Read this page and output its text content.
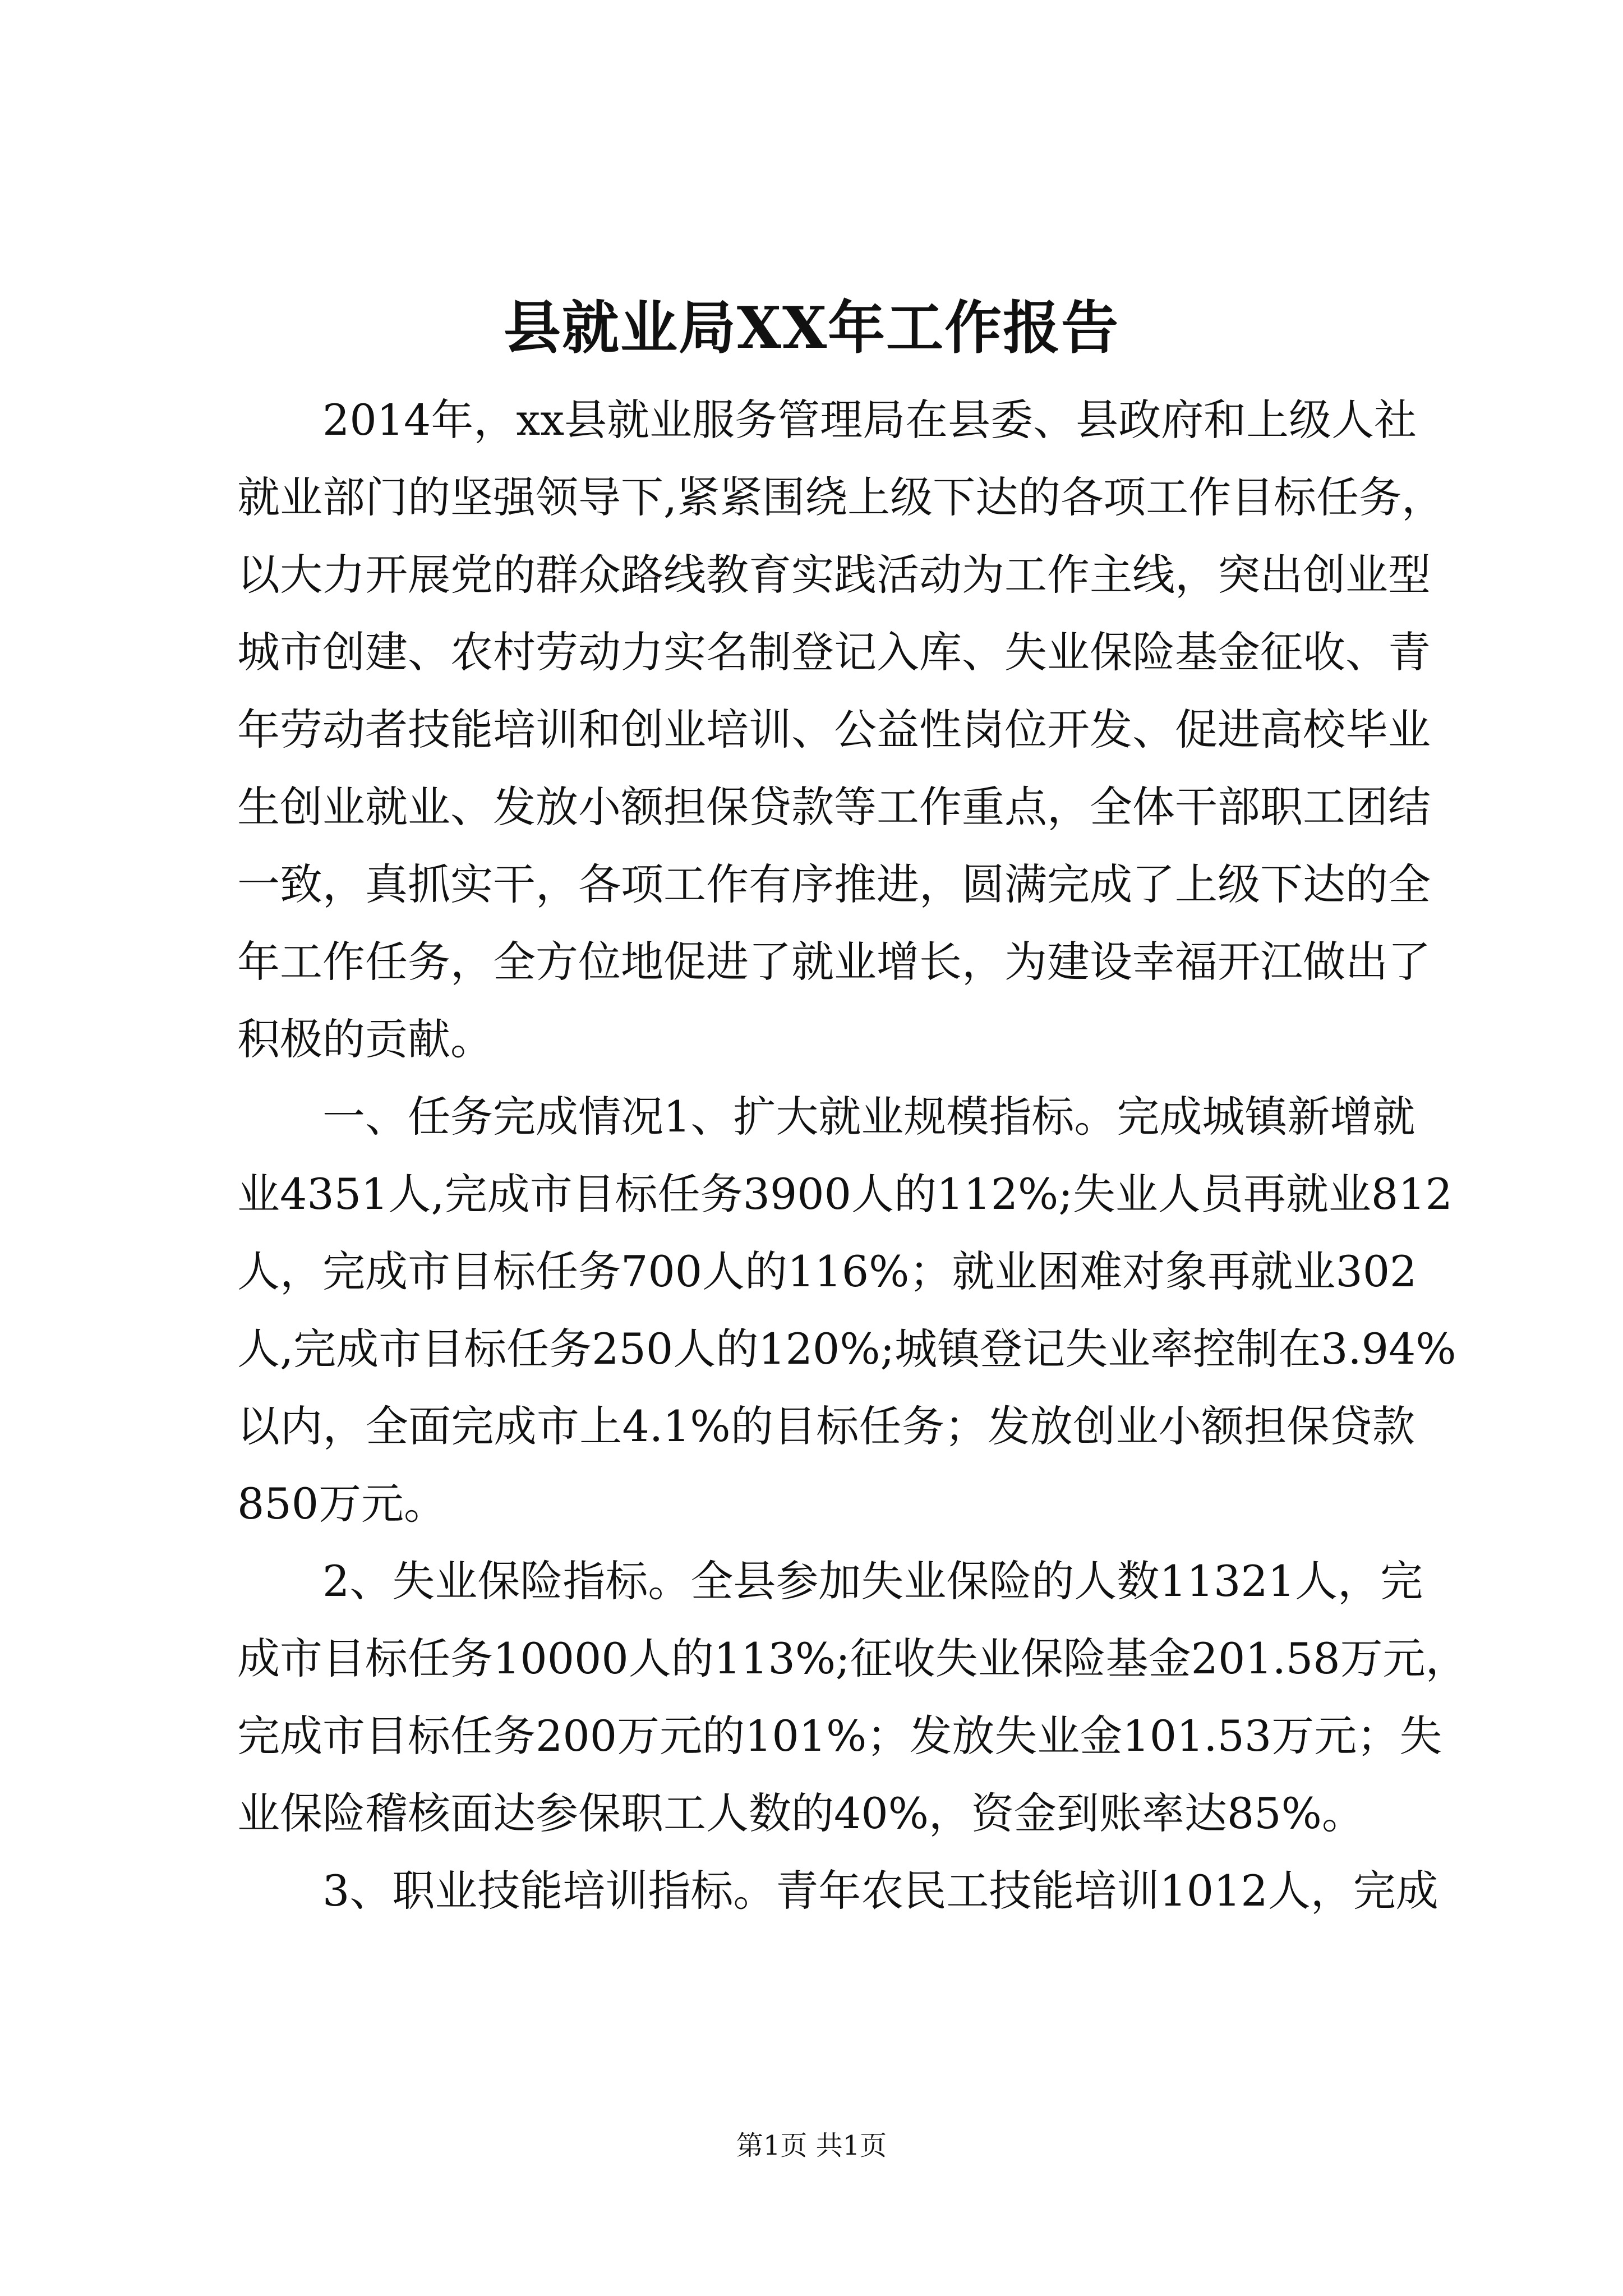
县就业局XX年工作报告
2014年，xx县就业服务管理局在县委、县政府和上级人社
就业部门的坚强领导下,紧紧围绕上级下达的各项工作目标任务，
以大力开展党的群众路线教育实践活动为工作主线，突出创业型
城市创建、农村劳动力实名制登记入库、失业保险基金征收、青
年劳动者技能培训和创业培训、公益性岗位开发、促进高校毕业
生创业就业、发放小额担保贷款等工作重点，全体干部职工团结
一致，真抓实干，各项工作有序推进，圆满完成了上级下达的全
年工作任务，全方位地促进了就业增长，为建设幸福开江做出了
积极的贡献。
一、任务完成情况1、扩大就业规模指标。完成城镇新增就
业4351人,完成市目标任务3900人的112%;失业人员再就业812
人，完成市目标任务700人的116%；就业困难对象再就业302
人,完成市目标任务250人的120%;城镇登记失业率控制在3.94%
以内，全面完成市上4.1%的目标任务；发放创业小额担保贷款
850万元。
2、失业保险指标。全县参加失业保险的人数11321人，完
成市目标任务10000人的113%;征收失业保险基金201.58万元，
完成市目标任务200万元的101%；发放失业金101.53万元；失
业保险稽核面达参保职工人数的40%，资金到账率达85%。
3、职业技能培训指标。青年农民工技能培训1012人，完成
第1页 共1页
